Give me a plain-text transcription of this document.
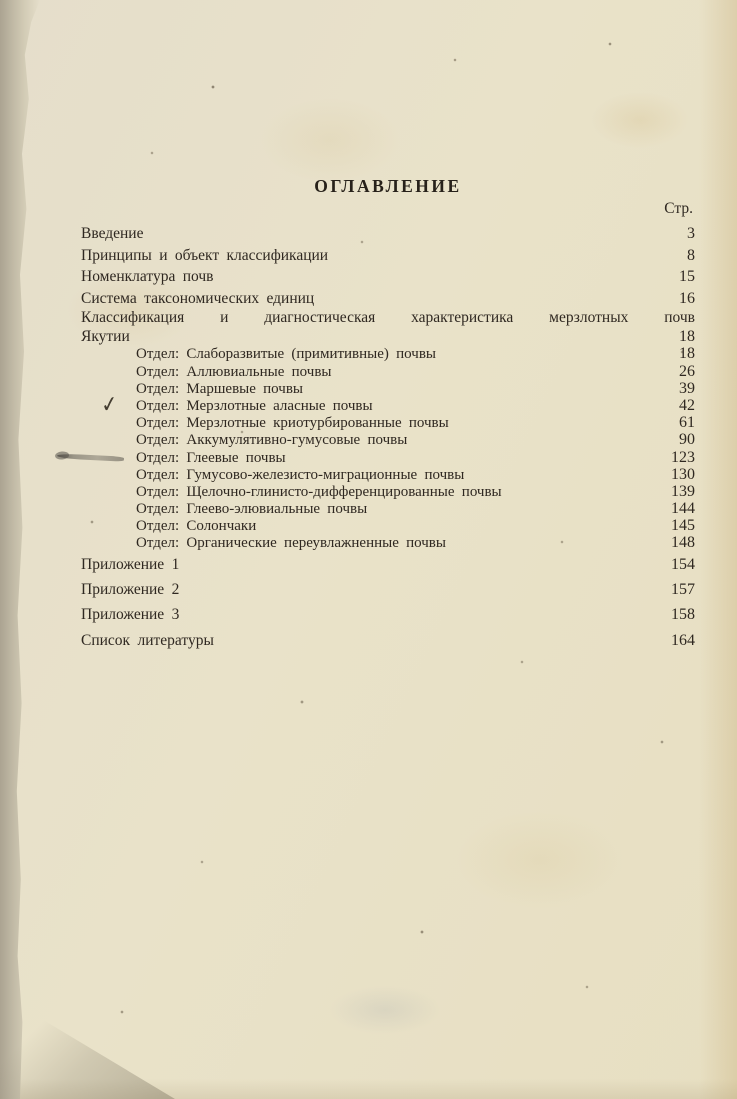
ОГЛАВЛЕНИЕ
Стр.
Введение	3
Принципы и объект классификации	8
Номенклатура почв	15
Система таксономических единиц	16
Классификация и диагностическая характеристика мерзлотных почв
Якутии	18
Отдел: Слаборазвитые (примитивные) почвы	18
Отдел: Аллювиальные почвы	26
Отдел: Маршевые почвы	39
✓ Отдел: Мерзлотные аласные почвы	42
Отдел: Мерзлотные криотурбированные почвы	61
Отдел: Аккумулятивно-гумусовые почвы	90
Отдел: Глеевые почвы	123
Отдел: Гумусово-железисто-миграционные почвы	130
Отдел: Щелочно-глинисто-дифференцированные почвы	139
Отдел: Глеево-элювиальные почвы	144
Отдел: Солончаки	145
Отдел: Органические переувлажненные почвы	148
Приложение 1	154
Приложение 2	157
Приложение 3	158
Список литературы	164
